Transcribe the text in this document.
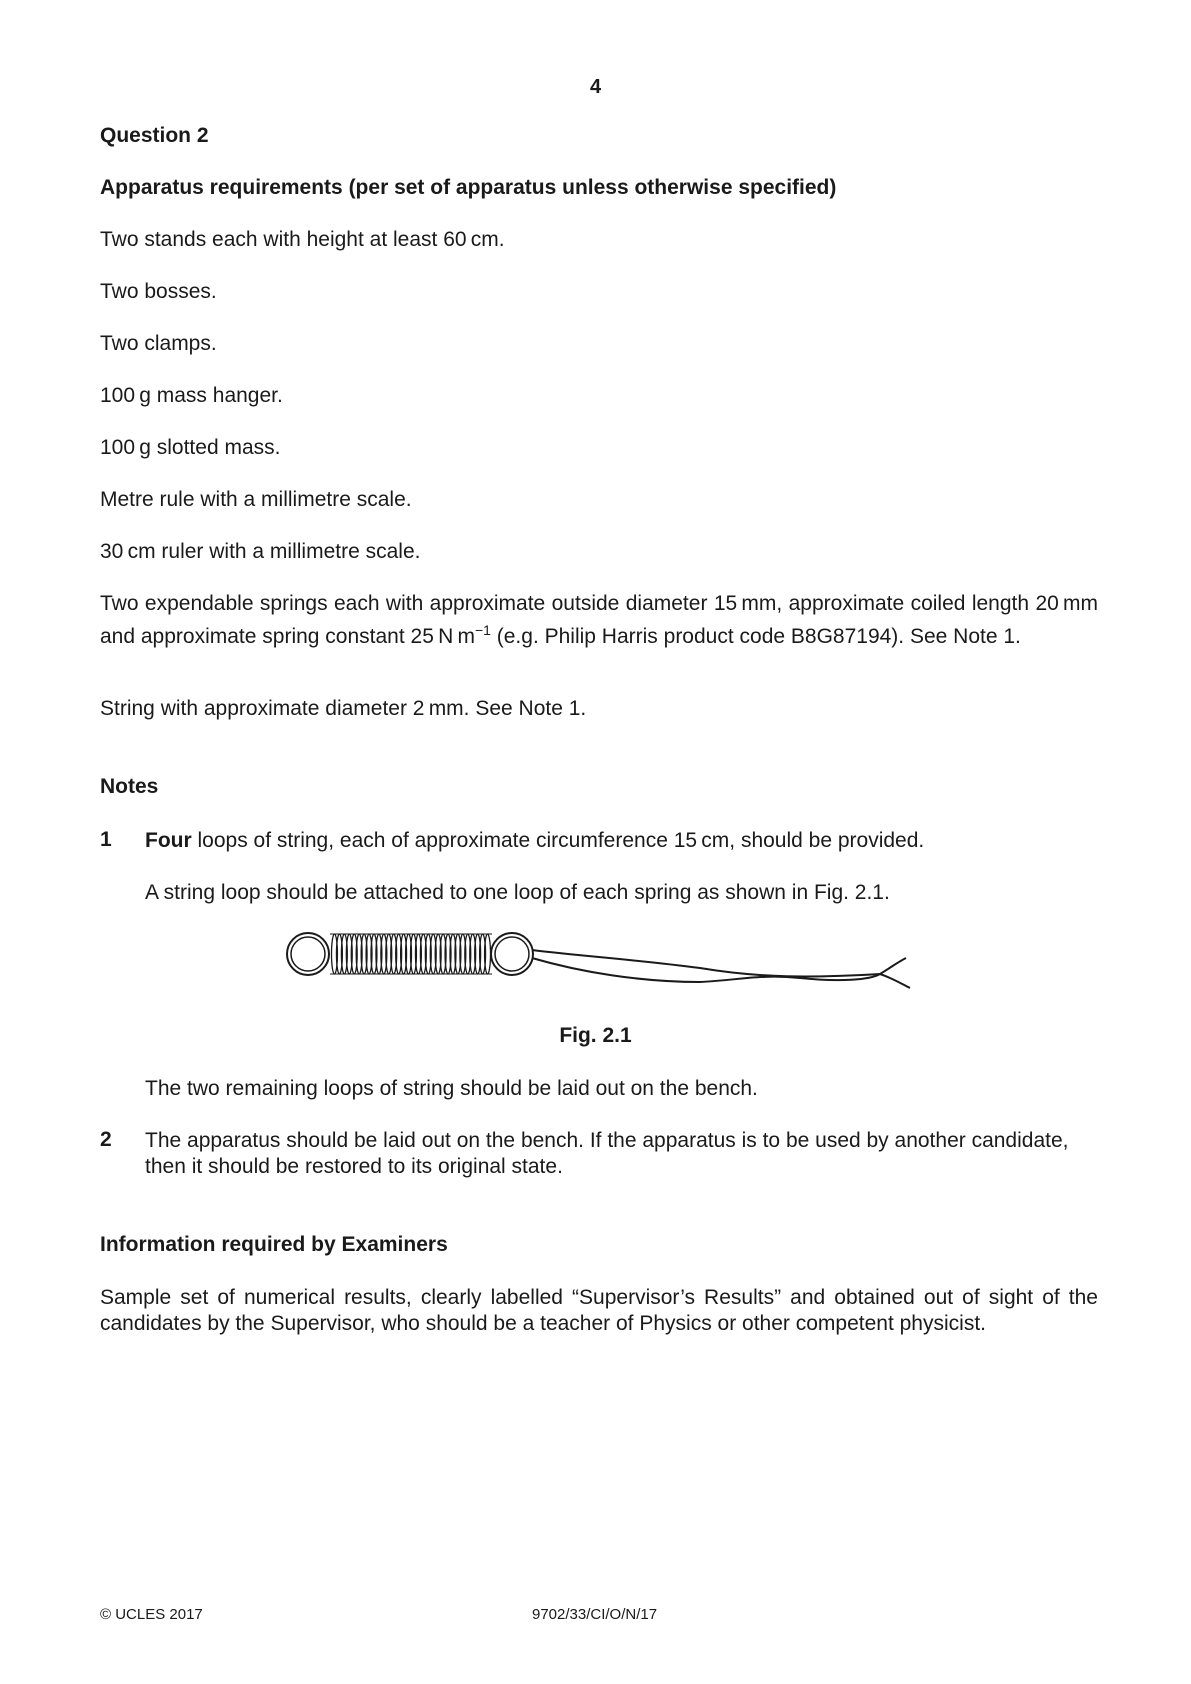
4
Question 2
Apparatus requirements (per set of apparatus unless otherwise specified)
Two stands each with height at least 60 cm.
Two bosses.
Two clamps.
100 g mass hanger.
100 g slotted mass.
Metre rule with a millimetre scale.
30 cm ruler with a millimetre scale.
Two expendable springs each with approximate outside diameter 15 mm, approximate coiled length 20 mm and approximate spring constant 25 N $m^{-1}$ (e.g. Philip Harris product code B8G87194). See Note 1.
String with approximate diameter 2 mm. See Note 1.
Notes
1 Four loops of string, each of approximate circumference 15 cm, should be provided.
A string loop should be attached to one loop of each spring as shown in Fig. 2.1.
Fig. 2.1
The two remaining loops of string should be laid out on the bench.
2 The apparatus should be laid out on the bench. If the apparatus is to be used by another candidate, then it should be restored to its original state.
Information required by Examiners
Sample set of numerical results, clearly labelled “Supervisor’s Results” and obtained out of sight of the candidates by the Supervisor, who should be a teacher of Physics or other competent physicist.
© UCLES 2017	9702/33/CI/O/N/17
